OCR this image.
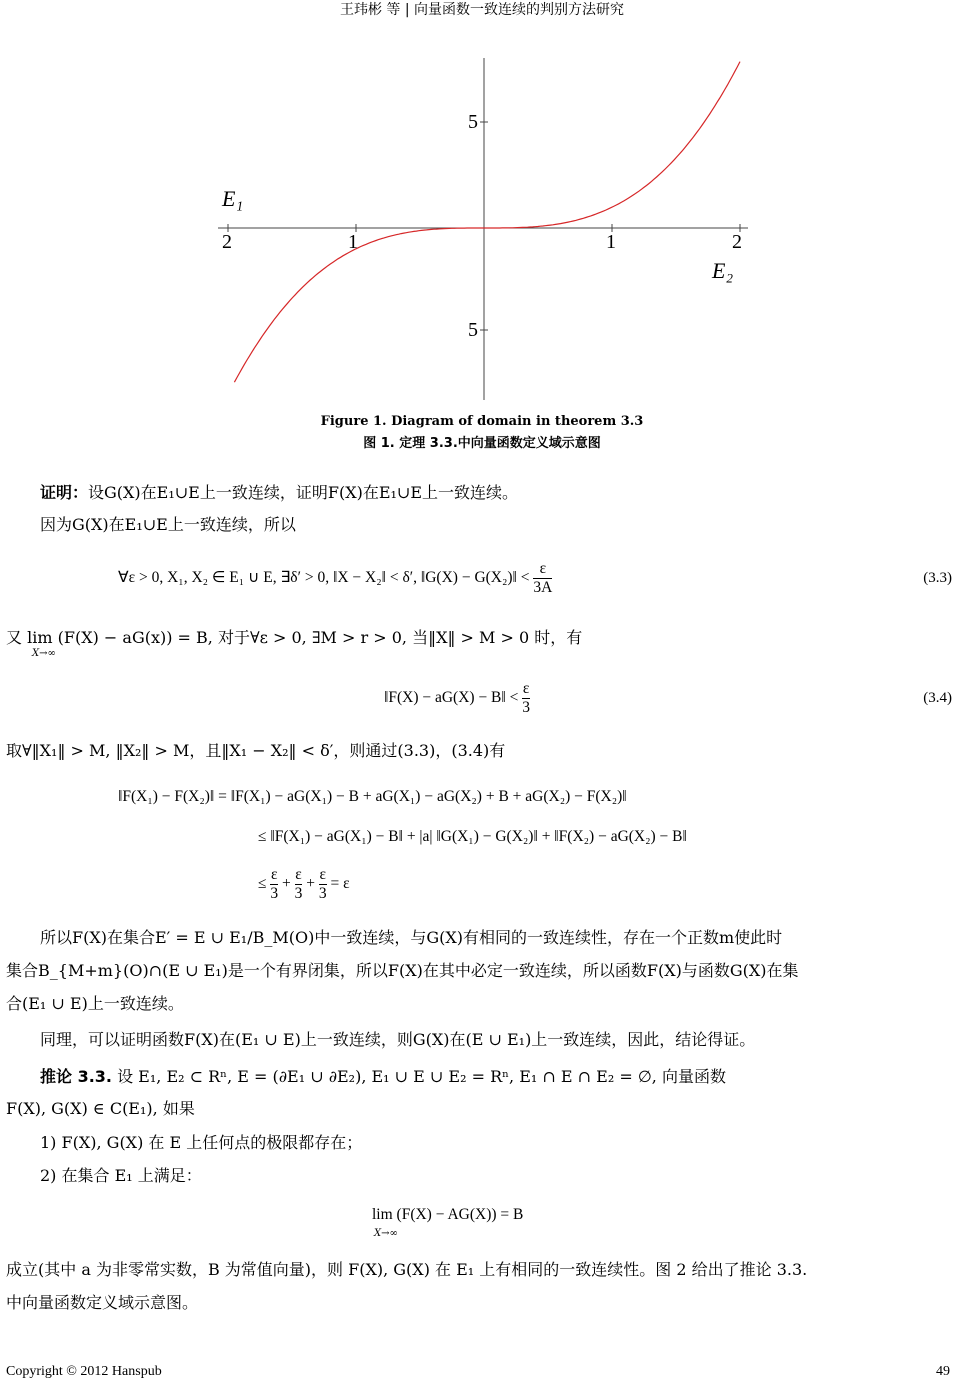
王玮彬 等 | 向量函数一致连续的判别方法研究
2	1	1	2
5
5
E₁
E₂
Figure 1. Diagram of domain in theorem 3.3
图 1. 定理 3.3.中向量函数定义域示意图
证明：设G(X)在E₁∪E上一致连续，证明F(X)在E₁∪E上一致连续。
因为G(X)在E₁∪E上一致连续，所以
∀ε > 0, X₁, X₂ ∈ E₁ ∪ E, ∃δ′ > 0, ‖X − X₂‖ < δ′, ‖G(X) − G(X₂)‖ < $\frac{\varepsilon}{3A}$	(3.3)
又 lim (F(X) − aG(x)) = B, 对于∀ε > 0, ∃M > r > 0, 当‖X‖ > M > 0 时，有
X→∞
‖F(X) − aG(X) − B‖ < $\frac{\varepsilon}{3}$	(3.4)
取∀‖X₁‖ > M, ‖X₂‖ > M，且‖X₁ − X₂‖ < δ′，则通过(3.3)，(3.4)有
‖F(X₁) − F(X₂)‖ = ‖F(X₁) − aG(X₁) − B + aG(X₁) − aG(X₂) + B + aG(X₂) − F(X₂)‖
≤ ‖F(X₁) − aG(X₁) − B‖ + |a| ‖G(X₁) − G(X₂)‖ + ‖F(X₂) − aG(X₂) − B‖
≤ $\frac{\varepsilon}{3} + \frac{\varepsilon}{3} + \frac{\varepsilon}{3} = \varepsilon$
所以F(X)在集合E′ = E ∪ E₁/B_M(O)中一致连续，与G(X)有相同的一致连续性，存在一个正数m使此时
集合B_{M+m}(O)∩(E ∪ E₁)是一个有界闭集，所以F(X)在其中必定一致连续，所以函数F(X)与函数G(X)在集
合(E₁ ∪ E)上一致连续。
同理，可以证明函数F(X)在(E₁ ∪ E)上一致连续，则G(X)在(E ∪ E₁)上一致连续，因此，结论得证。
推论 3.3. 设 E₁, E₂ ⊂ Rⁿ, E = (∂E₁ ∪ ∂E₂), E₁ ∪ E ∪ E₂ = Rⁿ, E₁ ∩ E ∩ E₂ = ∅, 向量函数
F(X), G(X) ∈ C(E₁), 如果
1) F(X), G(X) 在 E 上任何点的极限都存在；
2) 在集合 E₁ 上满足：
lim (F(X) − AG(X)) = B
X→∞
成立(其中 a 为非零常实数，B 为常值向量)，则 F(X), G(X) 在 E₁ 上有相同的一致连续性。图 2 给出了推论 3.3.
中向量函数定义域示意图。
Copyright © 2012 Hanspub	49
